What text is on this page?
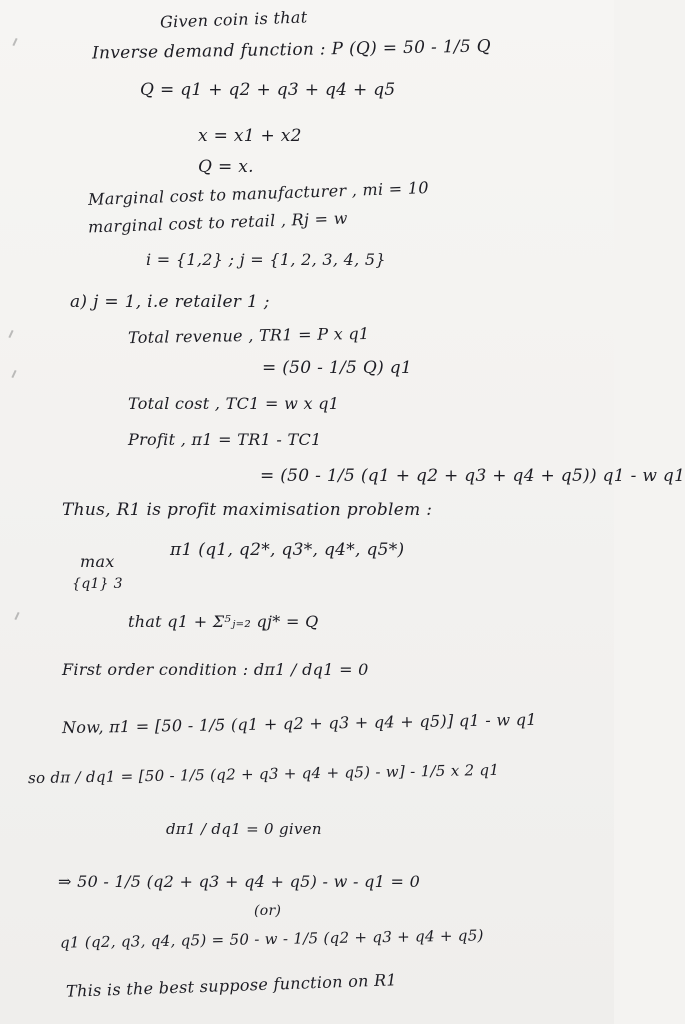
Given coin is that
Inverse demand function : P (Q) = 50 - 1/5 Q
Q = q1 + q2 + q3 + q4 + q5
x = x1 + x2
Q = x.
Marginal cost to manufacturer , mi = 10
marginal cost to retail , Rj = w
i = {1,2} ; j = {1, 2, 3, 4, 5}
a) j = 1, i.e retailer 1 ;
Total revenue , TR1 = P x q1
= (50 - 1/5 Q) q1
Total cost , TC1 = w x q1
Profit , π1 = TR1 - TC1
= (50 - 1/5 (q1 + q2 + q3 + q4 + q5)) q1 - w q1
Thus, R1 is profit maximisation problem :
max
π1 (q1, q2*, q3*, q4*, q5*)
{q1} 3
that q1 + Σ⁵ⱼ₌₂ qj* = Q
First order condition : dπ1 / dq1 = 0
Now, π1 = [50 - 1/5 (q1 + q2 + q3 + q4 + q5)] q1 - w q1
so dπ / dq1 = [50 - 1/5 (q2 + q3 + q4 + q5) - w] - 1/5 x 2 q1
dπ1 / dq1 = 0 given
⇒ 50 - 1/5 (q2 + q3 + q4 + q5) - w - q1 = 0
(or)
q1 (q2, q3, q4, q5) = 50 - w - 1/5 (q2 + q3 + q4 + q5)
This is the best suppose function on R1
